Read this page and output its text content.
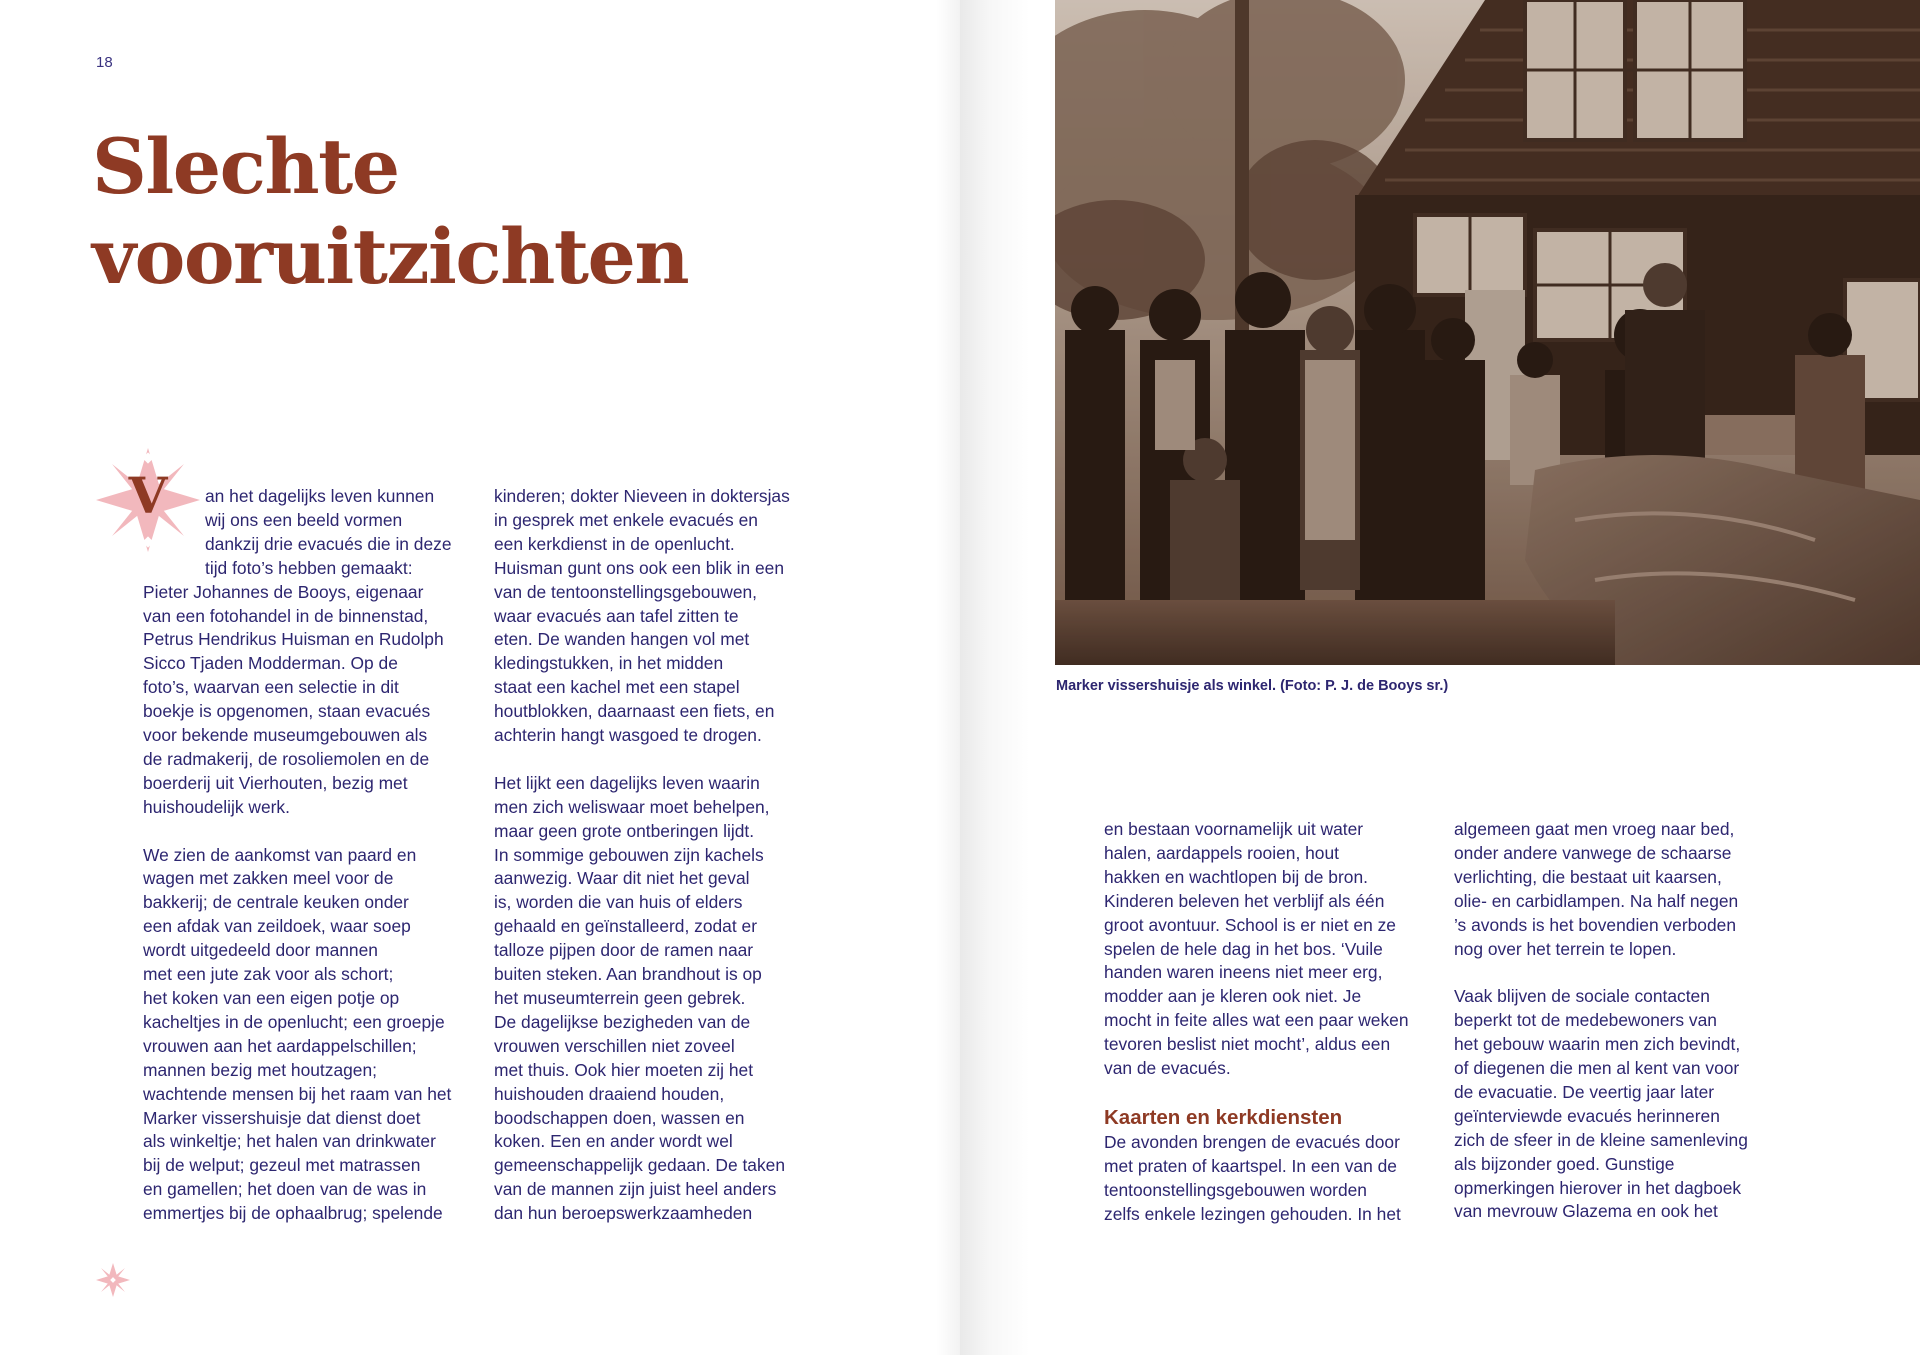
18
Slechte
vooruitzichten
V	an het dagelijks leven kunnen
wij ons een beeld vormen
dankzij drie evacués die in deze
tijd foto’s hebben gemaakt:
Pieter Johannes de Booys, eigenaar
van een fotohandel in de binnenstad,
Petrus Hendrikus Huisman en Rudolph
Sicco Tjaden Modderman. Op de
foto’s, waarvan een selectie in dit
boekje is opgenomen, staan evacués
voor bekende museumgebouwen als
de radmakerij, de rosoliemolen en de
boerderij uit Vierhouten, bezig met
huishoudelijk werk.

We zien de aankomst van paard en
wagen met zakken meel voor de
bakkerij; de centrale keuken onder
een afdak van zeildoek, waar soep
wordt uitgedeeld door mannen
met een jute zak voor als schort;
het koken van een eigen potje op
kacheltjes in de openlucht; een groepje
vrouwen aan het aardappelschillen;
mannen bezig met houtzagen;
wachtende mensen bij het raam van het
Marker vissershuisje dat dienst doet
als winkeltje; het halen van drinkwater
bij de welput; gezeul met matrassen
en gamellen; het doen van de was in
emmertjes bij de ophaalbrug; spelende

kinderen; dokter Nieveen in doktersjas
in gesprek met enkele evacués en
een kerkdienst in de openlucht.
Huisman gunt ons ook een blik in een
van de tentoonstellingsgebouwen,
waar evacués aan tafel zitten te
eten. De wanden hangen vol met
kledingstukken, in het midden
staat een kachel met een stapel
houtblokken, daarnaast een fiets, en
achterin hangt wasgoed te drogen.

Het lijkt een dagelijks leven waarin
men zich weliswaar moet behelpen,
maar geen grote ontberingen lijdt.
In sommige gebouwen zijn kachels
aanwezig. Waar dit niet het geval
is, worden die van huis of elders
gehaald en geïnstalleerd, zodat er
talloze pijpen door de ramen naar
buiten steken. Aan brandhout is op
het museumterrein geen gebrek.
De dagelijkse bezigheden van de
vrouwen verschillen niet zoveel
met thuis. Ook hier moeten zij het
huishouden draaiend houden,
boodschappen doen, wassen en
koken. Een en ander wordt wel
gemeenschappelijk gedaan. De taken
van de mannen zijn juist heel anders
dan hun beroepswerkzaamheden

Marker vissershuisje als winkel. (Foto: P. J. de Booys sr.)

en bestaan voornamelijk uit water
halen, aardappels rooien, hout
hakken en wachtlopen bij de bron.
Kinderen beleven het verblijf als één
groot avontuur. School is er niet en ze
spelen de hele dag in het bos. ‘Vuile
handen waren ineens niet meer erg,
modder aan je kleren ook niet. Je
mocht in feite alles wat een paar weken
tevoren beslist niet mocht’, aldus een
van de evacués.

Kaarten en kerkdiensten

De avonden brengen de evacués door
met praten of kaartspel. In een van de
tentoonstellingsgebouwen worden
zelfs enkele lezingen gehouden. In het

algemeen gaat men vroeg naar bed,
onder andere vanwege de schaarse
verlichting, die bestaat uit kaarsen,
olie- en carbidlampen. Na half negen
’s avonds is het bovendien verboden
nog over het terrein te lopen.

Vaak blijven de sociale contacten
beperkt tot de medebewoners van
het gebouw waarin men zich bevindt,
of diegenen die men al kent van voor
de evacuatie. De veertig jaar later
geïnterviewde evacués herinneren
zich de sfeer in de kleine samenleving
als bijzonder goed. Gunstige
opmerkingen hierover in het dagboek
van mevrouw Glazema en ook het
